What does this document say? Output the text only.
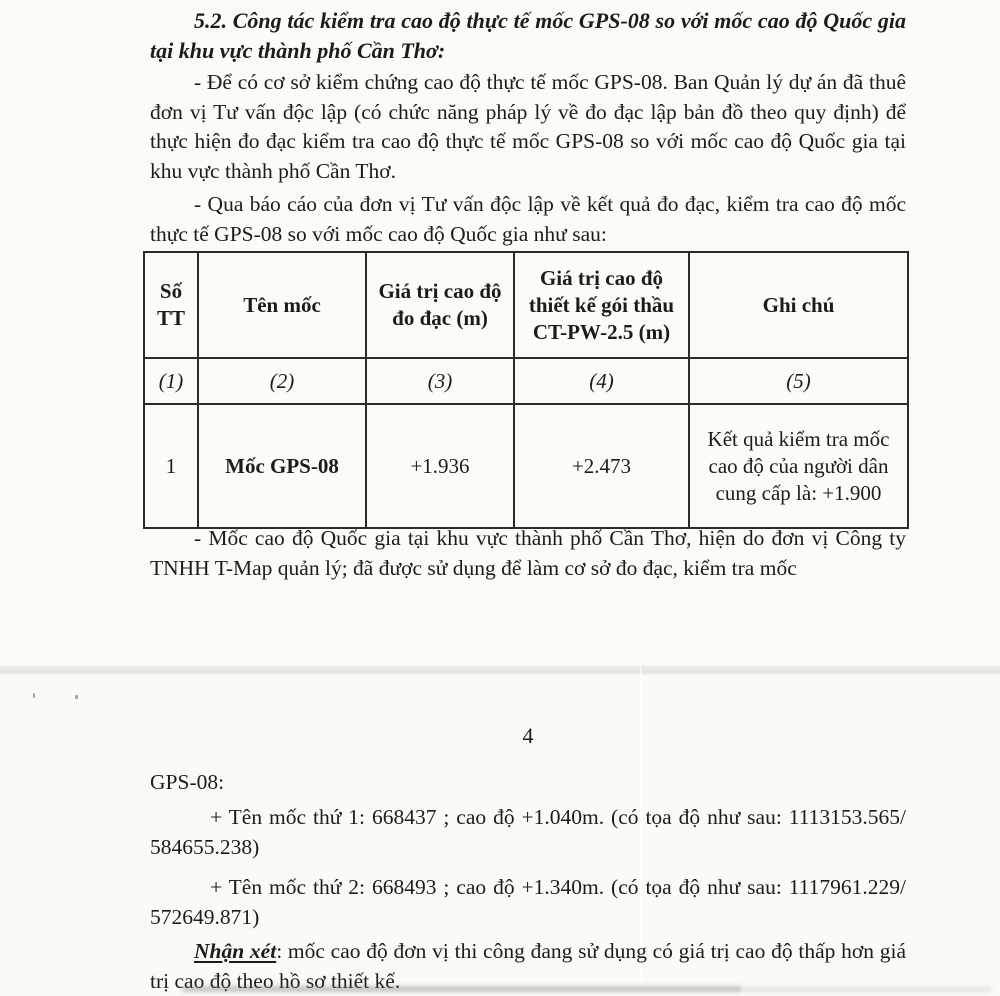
5.2. Công tác kiểm tra cao độ thực tế mốc GPS-08 so với mốc cao độ Quốc gia tại khu vực thành phố Cần Thơ:
- Để có cơ sở kiểm chứng cao độ thực tế mốc GPS-08. Ban Quản lý dự án đã thuê đơn vị Tư vấn độc lập (có chức năng pháp lý về đo đạc lập bản đồ theo quy định) để thực hiện đo đạc kiểm tra cao độ thực tế mốc GPS-08 so với mốc cao độ Quốc gia tại khu vực thành phố Cần Thơ.
- Qua báo cáo của đơn vị Tư vấn độc lập về kết quả đo đạc, kiểm tra cao độ mốc thực tế GPS-08 so với mốc cao độ Quốc gia như sau:
Số TT	Tên mốc	Giá trị cao độ đo đạc (m)	Giá trị cao độ thiết kế gói thầu CT-PW-2.5 (m)	Ghi chú
(1)	(2)	(3)	(4)	(5)
1	Mốc GPS-08	+1.936	+2.473	Kết quả kiểm tra mốc cao độ của người dân cung cấp là: +1.900
- Mốc cao độ Quốc gia tại khu vực thành phố Cần Thơ, hiện do đơn vị Công ty TNHH T-Map quản lý; đã được sử dụng để làm cơ sở đo đạc, kiểm tra mốc
4
GPS-08:
+ Tên mốc thứ 1: 668437 ; cao độ +1.040m. (có tọa độ như sau: 1113153.565/ 584655.238)
+ Tên mốc thứ 2: 668493 ; cao độ +1.340m. (có tọa độ như sau: 1117961.229/ 572649.871)
Nhận xét: mốc cao độ đơn vị thi công đang sử dụng có giá trị cao độ thấp hơn giá trị cao độ theo hồ sơ thiết kế.
